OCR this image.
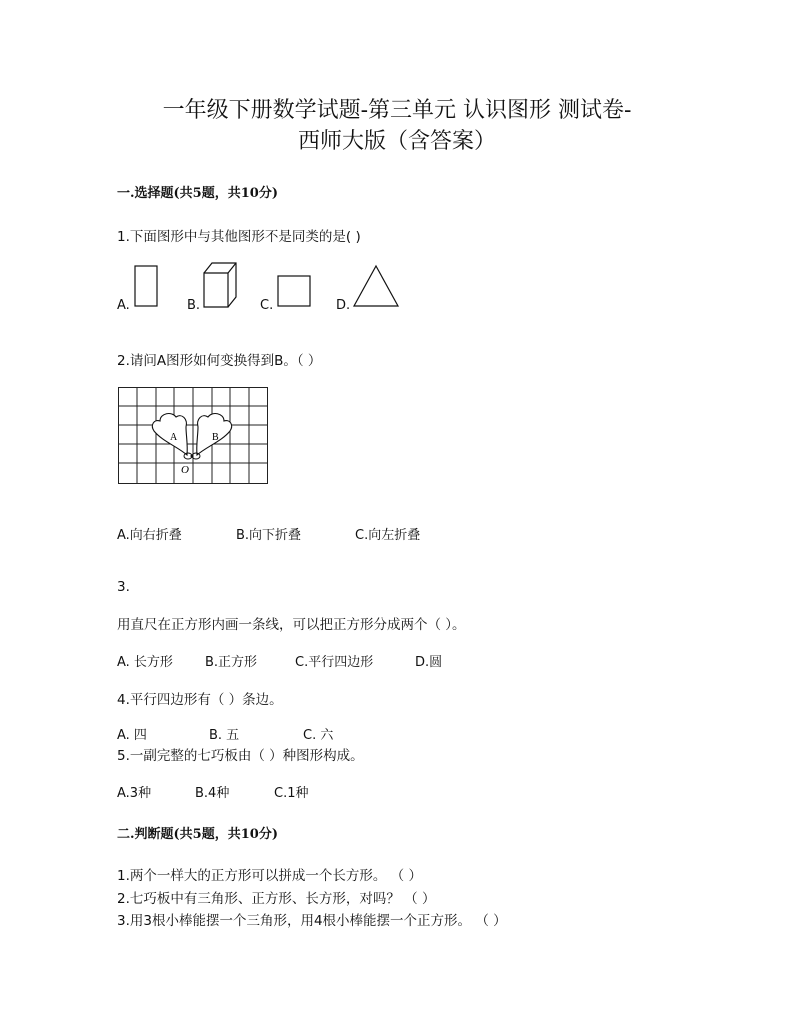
一年级下册数学试题-第三单元 认识图形 测试卷-
西师大版（含答案）
一.选择题(共5题，共10分)
1.下面图形中与其他图形不是同类的是( )
A.	B.	C.	D.
2.请问A图形如何变换得到B。（ ）
A	B
O
A.向右折叠	B.向下折叠	C.向左折叠
3.
用直尺在正方形内画一条线，可以把正方形分成两个（ ）。
A. 长方形 B.正方形	C.平行四边形	D.圆
4.平行四边形有（ ）条边。
A. 四	B. 五	C. 六
5.一副完整的七巧板由（ ）种图形构成。
A.3种	B.4种	C.1种
二.判断题(共5题，共10分)
1.两个一样大的正方形可以拼成一个长方形。 （ ）
2.七巧板中有三角形、正方形、长方形，对吗？ （ ）
3.用3根小棒能摆一个三角形，用4根小棒能摆一个正方形。 （ ）
